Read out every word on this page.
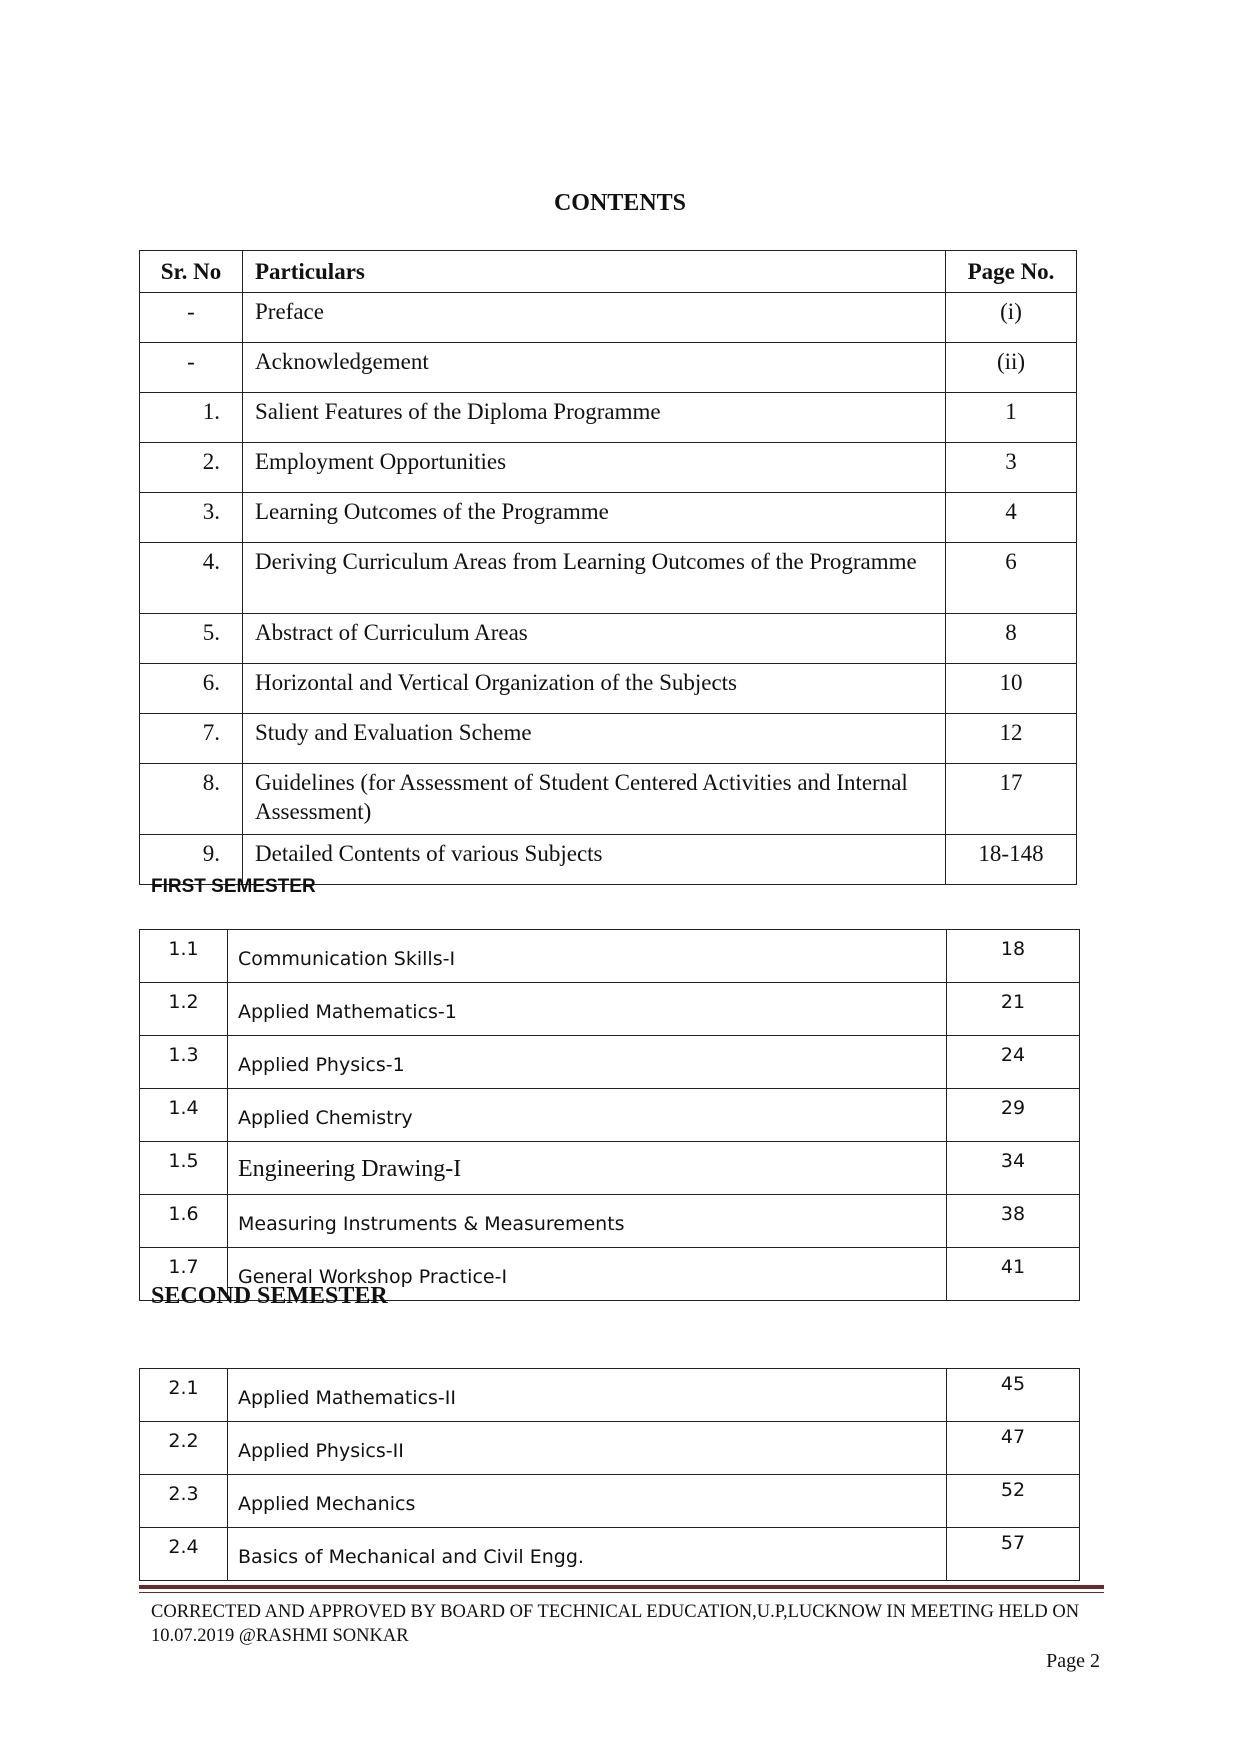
CONTENTS
Sr. No	Particulars	Page No.
-	Preface	(i)
-	Acknowledgement	(ii)
1.	Salient Features of the Diploma Programme	1
2.	Employment Opportunities	3
3.	Learning Outcomes of the Programme	4
4.	Deriving Curriculum Areas from Learning Outcomes of the Programme	6
5.	Abstract of Curriculum Areas	8
6.	Horizontal and Vertical Organization of the Subjects	10
7.	Study and Evaluation Scheme	12
8.	Guidelines (for Assessment of Student Centered Activities and Internal Assessment)	17
9.	Detailed Contents of various Subjects	18-148
FIRST SEMESTER
1.1	Communication Skills-I	18
1.2	Applied Mathematics-1	21
1.3	Applied Physics-1	24
1.4	Applied Chemistry	29
1.5	Engineering Drawing-I	34
1.6	Measuring Instruments & Measurements	38
1.7	General Workshop Practice-I	41
SECOND SEMESTER
2.1	Applied Mathematics-II	45
2.2	Applied Physics-II	47
2.3	Applied Mechanics	52
2.4	Basics of Mechanical and Civil Engg.	57
CORRECTED AND APPROVED BY BOARD OF TECHNICAL EDUCATION,U.P,LUCKNOW IN MEETING HELD ON 10.07.2019 @RASHMI SONKAR
Page 2
